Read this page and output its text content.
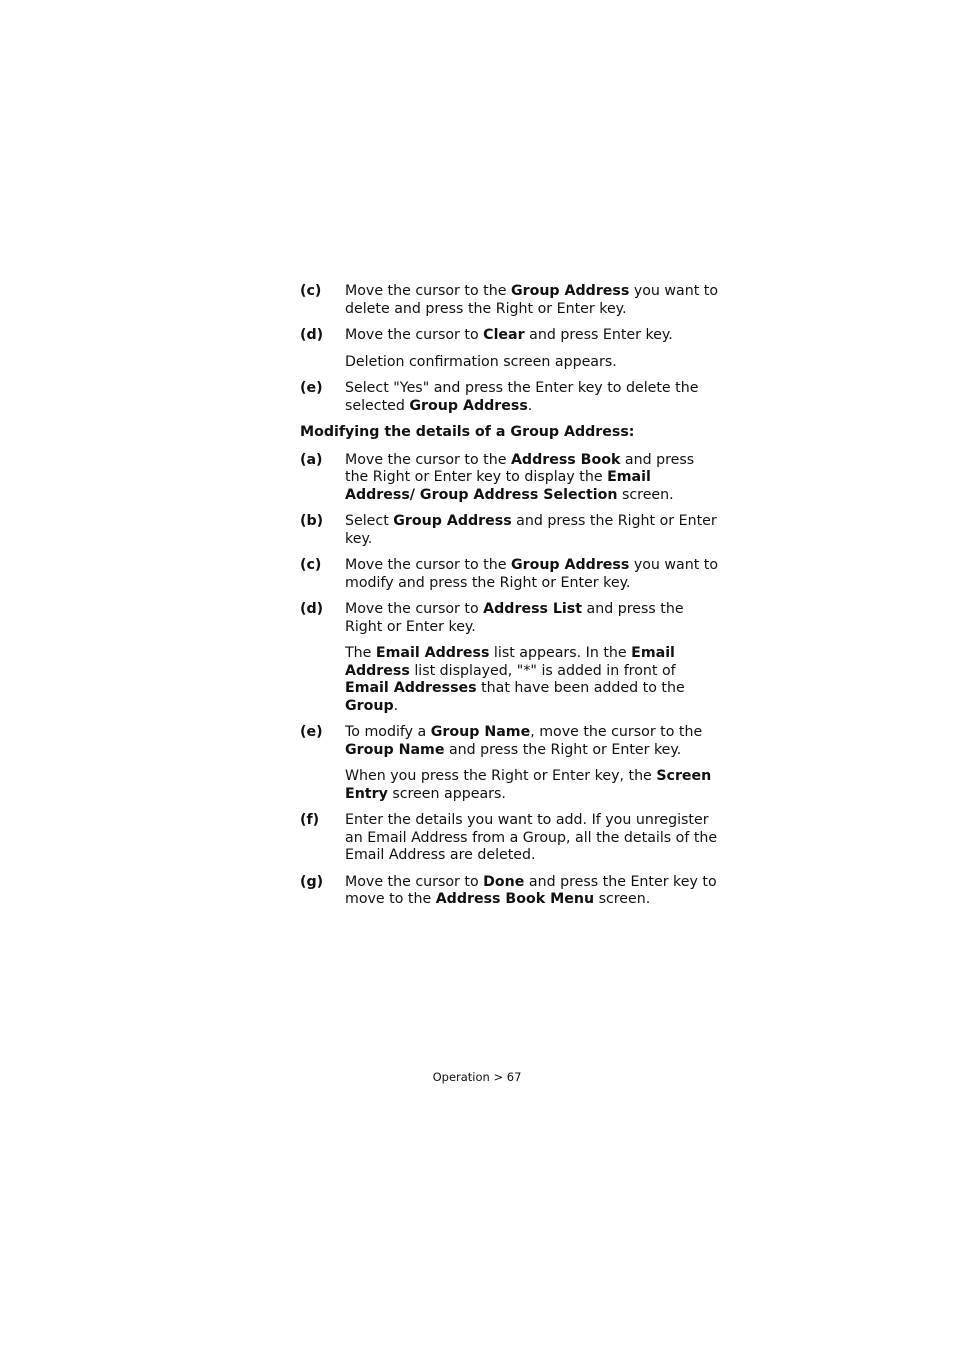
(c)	Move the cursor to the Group Address you want to delete and press the Right or Enter key.
(d)	Move the cursor to Clear and press Enter key.
Deletion confirmation screen appears.
(e)	Select "Yes" and press the Enter key to delete the selected Group Address.
Modifying the details of a Group Address:
(a)	Move the cursor to the Address Book and press the Right or Enter key to display the Email Address/ Group Address Selection screen.
(b)	Select Group Address and press the Right or Enter key.
(c)	Move the cursor to the Group Address you want to modify and press the Right or Enter key.
(d)	Move the cursor to Address List and press the Right or Enter key.
The Email Address list appears. In the Email Address list displayed, "*" is added in front of Email Addresses that have been added to the Group.
(e)	To modify a Group Name, move the cursor to the Group Name and press the Right or Enter key.
When you press the Right or Enter key, the Screen Entry screen appears.
(f)	Enter the details you want to add. If you unregister an Email Address from a Group, all the details of the Email Address are deleted.
(g)	Move the cursor to Done and press the Enter key to move to the Address Book Menu screen.
Operation > 67
